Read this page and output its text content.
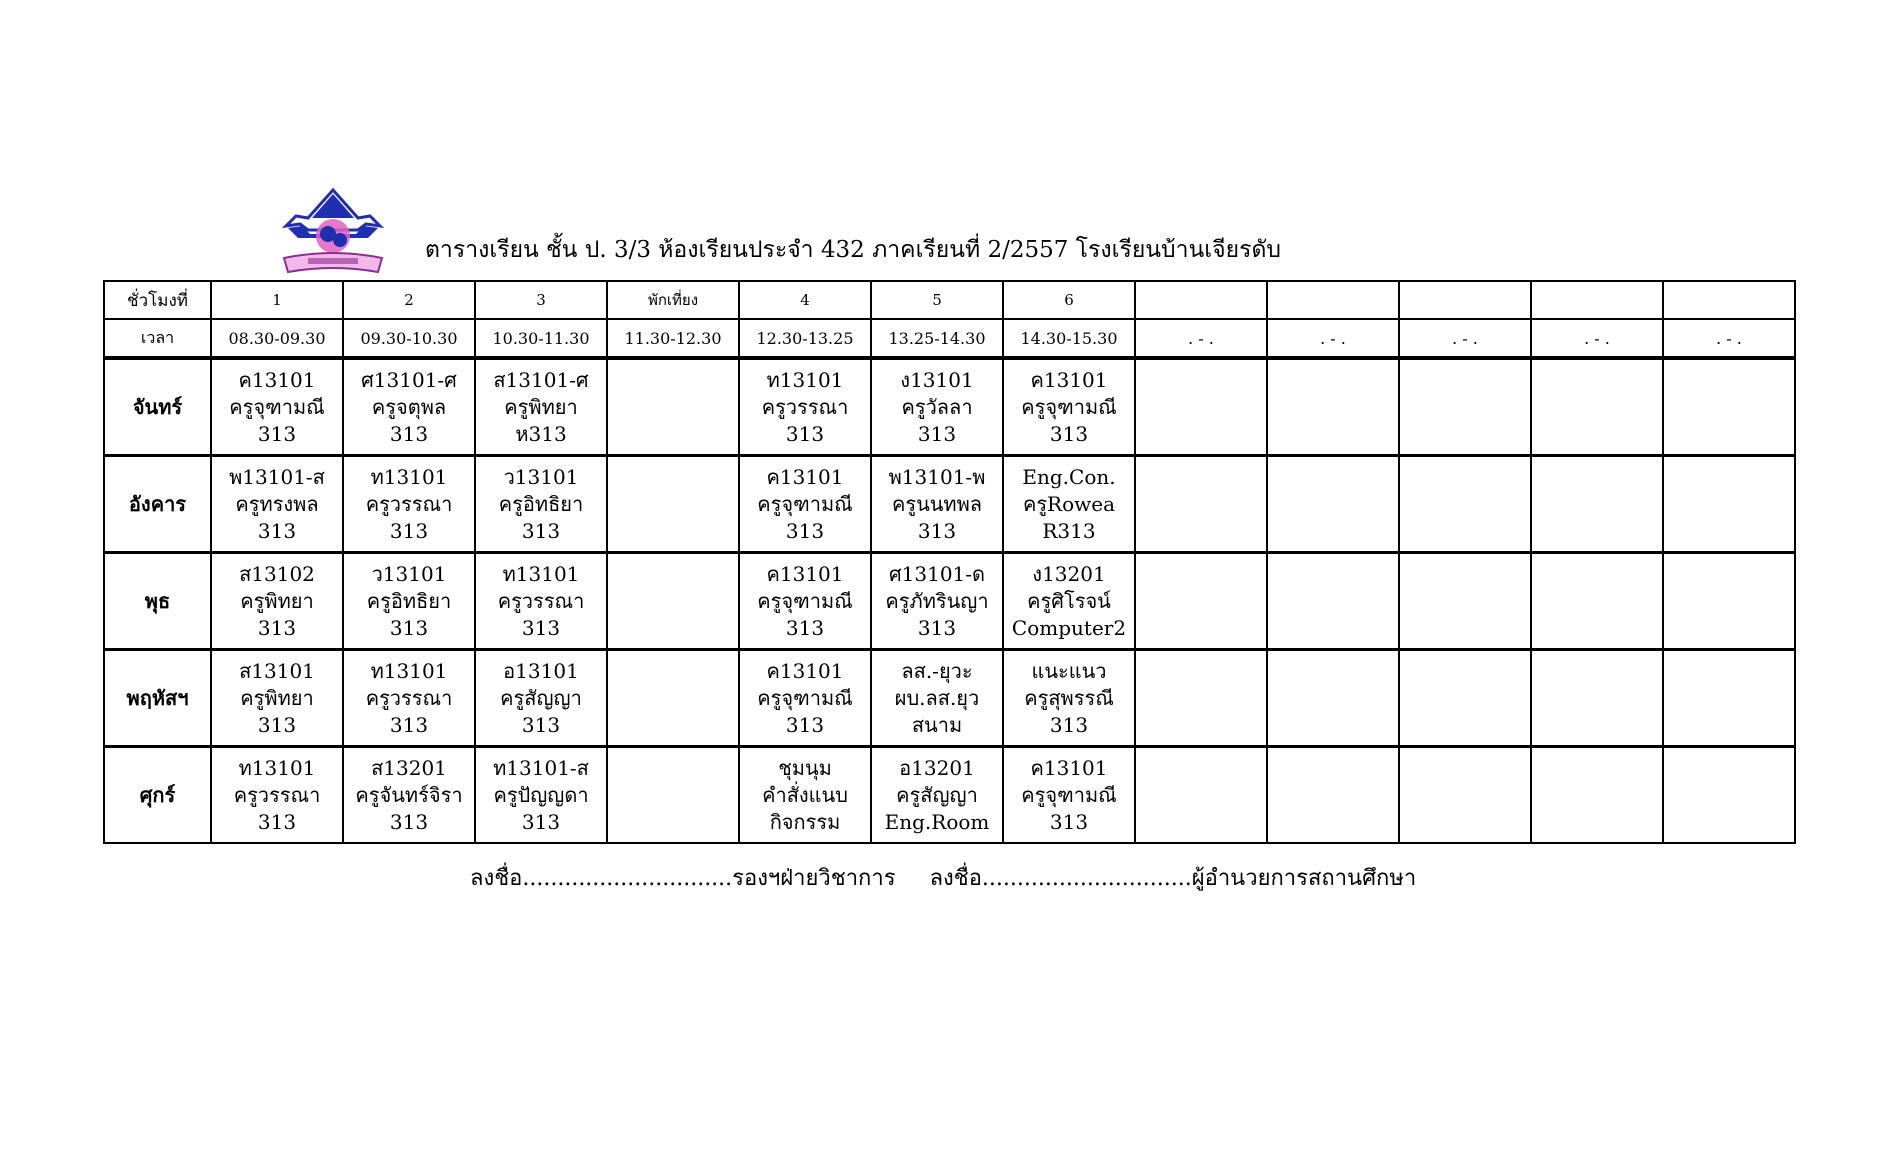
ตารางเรียน ชั้น ป. 3/3 ห้องเรียนประจำ 432 ภาคเรียนที่ 2/2557 โรงเรียนบ้านเจียรดับ
ชั่วโมงที่	1	2	3	พักเที่ยง	4	5	6					
เวลา	08.30-09.30	09.30-10.30	10.30-11.30	11.30-12.30	12.30-13.25	13.25-14.30	14.30-15.30	. - .	. - .	. - .	. - .	. - .
จันทร์	ค13101
ครูจุฑามณี
313	ศ13101-ศ
ครูจตุพล
313	ส13101-ศ
ครูพิทยา
ห313		ท13101
ครูวรรณา
313	ง13101
ครูวัลลา
313	ค13101
ครูจุฑามณี
313					

อังคาร	พ13101-ส
ครูทรงพล
313	ท13101
ครูวรรณา
313	ว13101
ครูอิทธิยา
313		ค13101
ครูจุฑามณี
313	พ13101-พ
ครูนนทพล
313	Eng.Con.
ครูRowea
R313					

พุธ	ส13102
ครูพิทยา
313	ว13101
ครูอิทธิยา
313	ท13101
ครูวรรณา
313		ค13101
ครูจุฑามณี
313	ศ13101-ด
ครูภัทรินญา
313	ง13201
ครูศิโรจน์
Computer2					

พฤหัสฯ	ส13101
ครูพิทยา
313	ท13101
ครูวรรณา
313	อ13101
ครูสัญญา
313		ค13101
ครูจุฑามณี
313	ลส.-ยุวะ
ผบ.ลส.ยุว
สนาม	แนะแนว
ครูสุพรรณี
313					

ศุกร์	ท13101
ครูวรรณา
313	ส13201
ครูจันทร์จิรา
313	ท13101-ส
ครูปัญญดา
313		ชุมนุม
คำสั่งแนบ
กิจกรรม	อ13201
ครูสัญญา
Eng.Room	ค13101
ครูจุฑามณี
313					

ลงชื่อ..............................รองฯฝ่ายวิชาการ ลงชื่อ..............................ผู้อำนวยการสถานศึกษา
